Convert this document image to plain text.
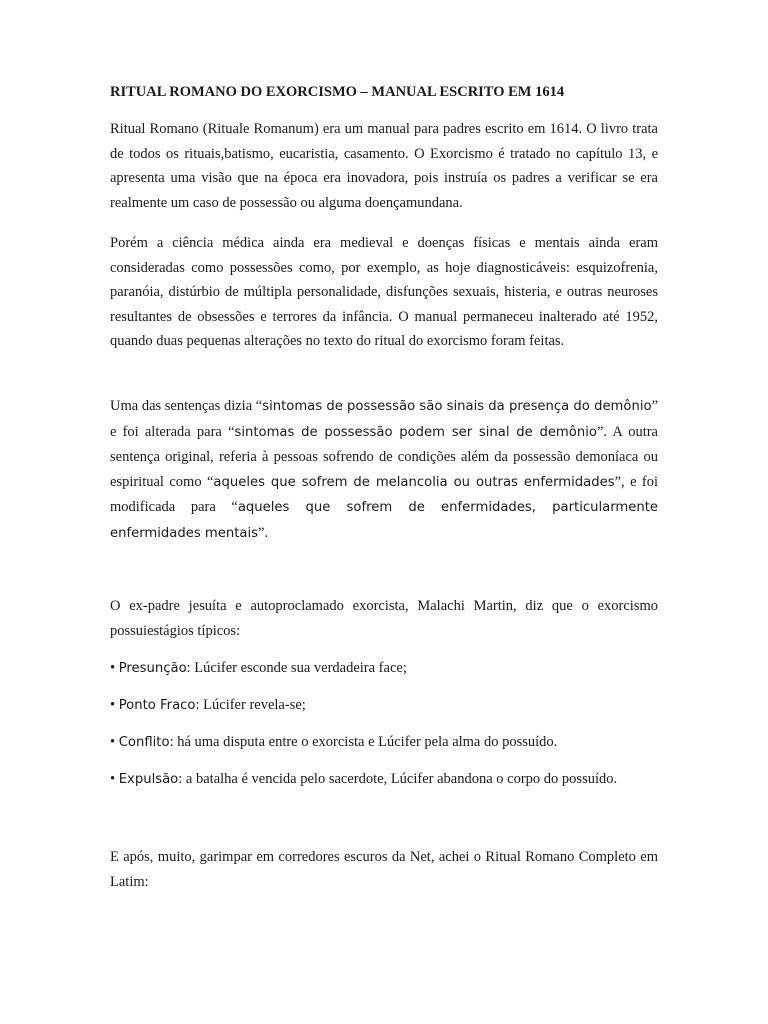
RITUAL ROMANO DO EXORCISMO – MANUAL ESCRITO EM 1614

Ritual Romano (Rituale Romanum) era um manual para padres escrito em 1614. O livro trata de todos os rituais,batismo, eucaristia, casamento. O Exorcismo é tratado no capítulo 13, e apresenta uma visão que na época era inovadora, pois instruía os padres a verificar se era realmente um caso de possessão ou alguma doençamundana.

Porém a ciência médica ainda era medieval e doenças físicas e mentais ainda eram consideradas como possessões como, por exemplo, as hoje diagnosticáveis: esquizofrenia, paranóia, distúrbio de múltipla personalidade, disfunções sexuais, histeria, e outras neuroses resultantes de obsessões e terrores da infância. O manual permaneceu inalterado até 1952, quando duas pequenas alterações no texto do ritual do exorcismo foram feitas.

Uma das sentenças dizia “sintomas de possessão são sinais da presença do demônio” e foi alterada para “sintomas de possessão podem ser sinal de demônio”. A outra sentença original, referia à pessoas sofrendo de condições além da possessão demoníaca ou espiritual como “aqueles que sofrem de melancolia ou outras enfermidades”, e foi modificada para “aqueles que sofrem de enfermidades, particularmente enfermidades mentais”.

O ex-padre jesuíta e autoproclamado exorcista, Malachi Martin, diz que o exorcismo possuiestágios típicos:

• Presunção: Lúcifer esconde sua verdadeira face;
• Ponto Fraco: Lúcifer revela-se;
• Conflito: há uma disputa entre o exorcista e Lúcifer pela alma do possuído.
• Expulsão: a batalha é vencida pelo sacerdote, Lúcifer abandona o corpo do possuído.

E após, muito, garimpar em corredores escuros da Net, achei o Ritual Romano Completo em Latim:
